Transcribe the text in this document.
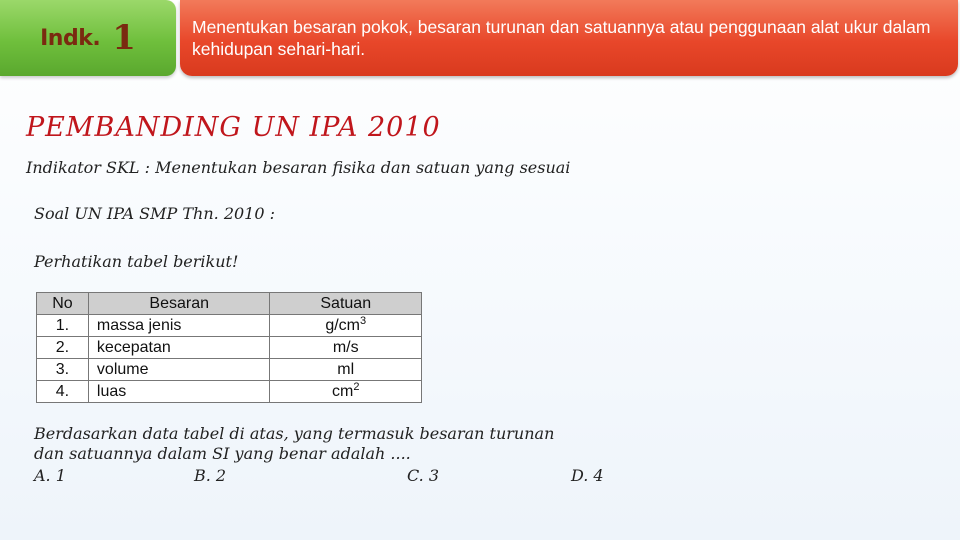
Indk. 1	Menentukan besaran pokok, besaran turunan dan satuannya atau penggunaan alat ukur dalam kehidupan sehari-hari.
PEMBANDING UN IPA 2010
Indikator SKL : Menentukan besaran fisika dan satuan yang sesuai
Soal UN IPA SMP Thn. 2010 :
Perhatikan tabel berikut!
No	Besaran	Satuan
1.	massa jenis	$g/cm^3$
2.	kecepatan	m/s
3.	volume	ml
4.	luas	$cm^2$
Berdasarkan data tabel di atas, yang termasuk besaran turunan
dan satuannya dalam SI yang benar adalah ....
A. 1	B. 2	C. 3	D. 4
